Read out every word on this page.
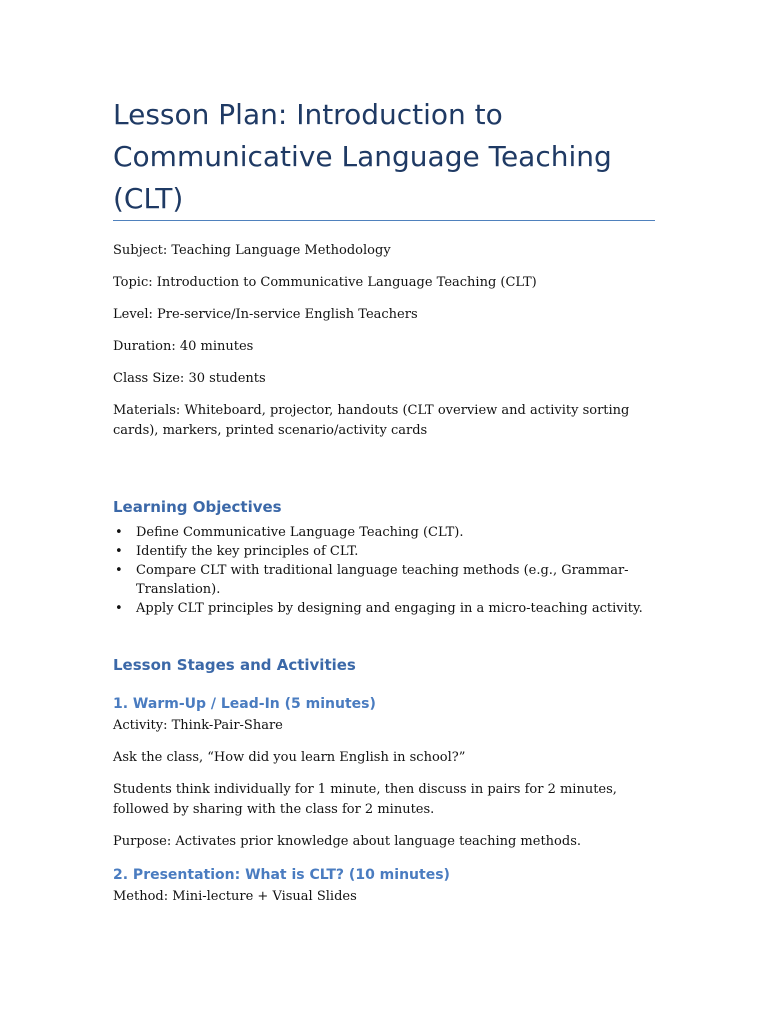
Lesson Plan: Introduction to Communicative Language Teaching (CLT)

Subject: Teaching Language Methodology

Topic: Introduction to Communicative Language Teaching (CLT)

Level: Pre-service/In-service English Teachers

Duration: 40 minutes

Class Size: 30 students

Materials: Whiteboard, projector, handouts (CLT overview and activity sorting cards), markers, printed scenario/activity cards

Learning Objectives
• Define Communicative Language Teaching (CLT).
• Identify the key principles of CLT.
• Compare CLT with traditional language teaching methods (e.g., Grammar-Translation).
• Apply CLT principles by designing and engaging in a micro-teaching activity.
Lesson Stages and Activities
1. Warm-Up / Lead-In (5 minutes)

Activity: Think-Pair-Share

Ask the class, “How did you learn English in school?”

Students think individually for 1 minute, then discuss in pairs for 2 minutes, followed by sharing with the class for 2 minutes.

Purpose: Activates prior knowledge about language teaching methods.

2. Presentation: What is CLT? (10 minutes)

Method: Mini-lecture + Visual Slides
